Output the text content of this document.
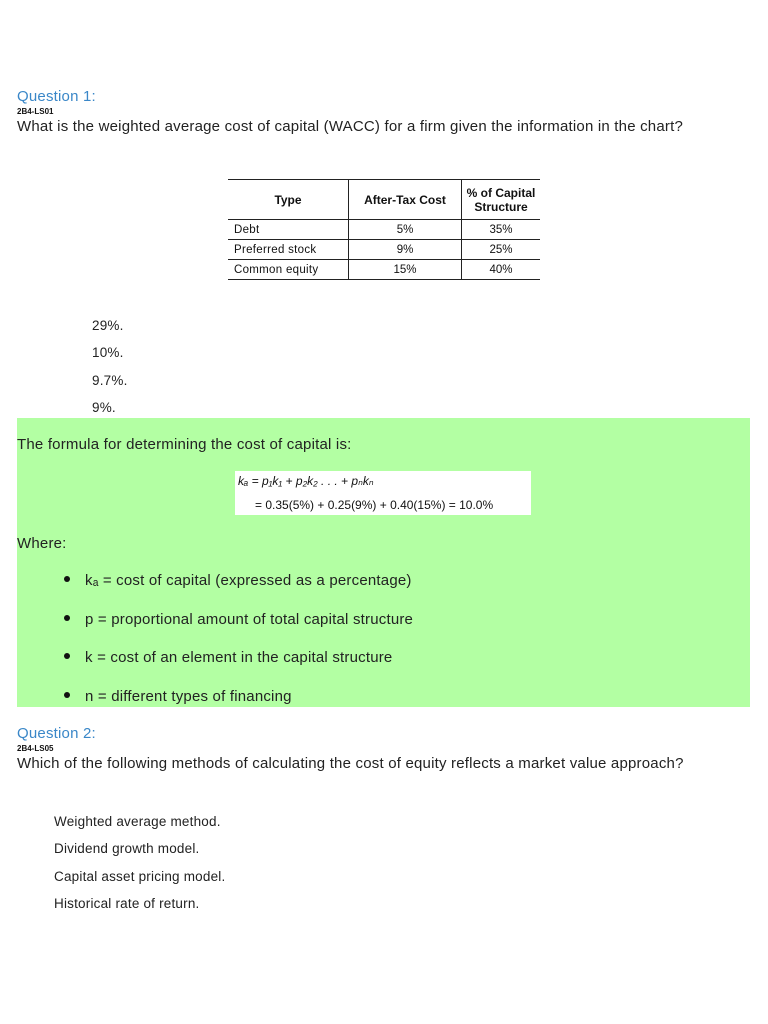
Question 1:
2B4-LS01
What is the weighted average cost of capital (WACC) for a firm given the information in the chart?
Type	After-Tax Cost	% of Capital Structure
Debt	5%	35%
Preferred stock	9%	25%
Common equity	15%	40%
29%.
10%.
9.7%.
9%.
The formula for determining the cost of capital is:
kₐ = p₁k₁ + p₂k₂ . . . + pₙkₙ
= 0.35(5%) + 0.25(9%) + 0.40(15%) = 10.0%
Where:
kₐ = cost of capital (expressed as a percentage)
p = proportional amount of total capital structure
k = cost of an element in the capital structure
n = different types of financing
Question 2:
2B4-LS05
Which of the following methods of calculating the cost of equity reflects a market value approach?
Weighted average method.
Dividend growth model.
Capital asset pricing model.
Historical rate of return.
